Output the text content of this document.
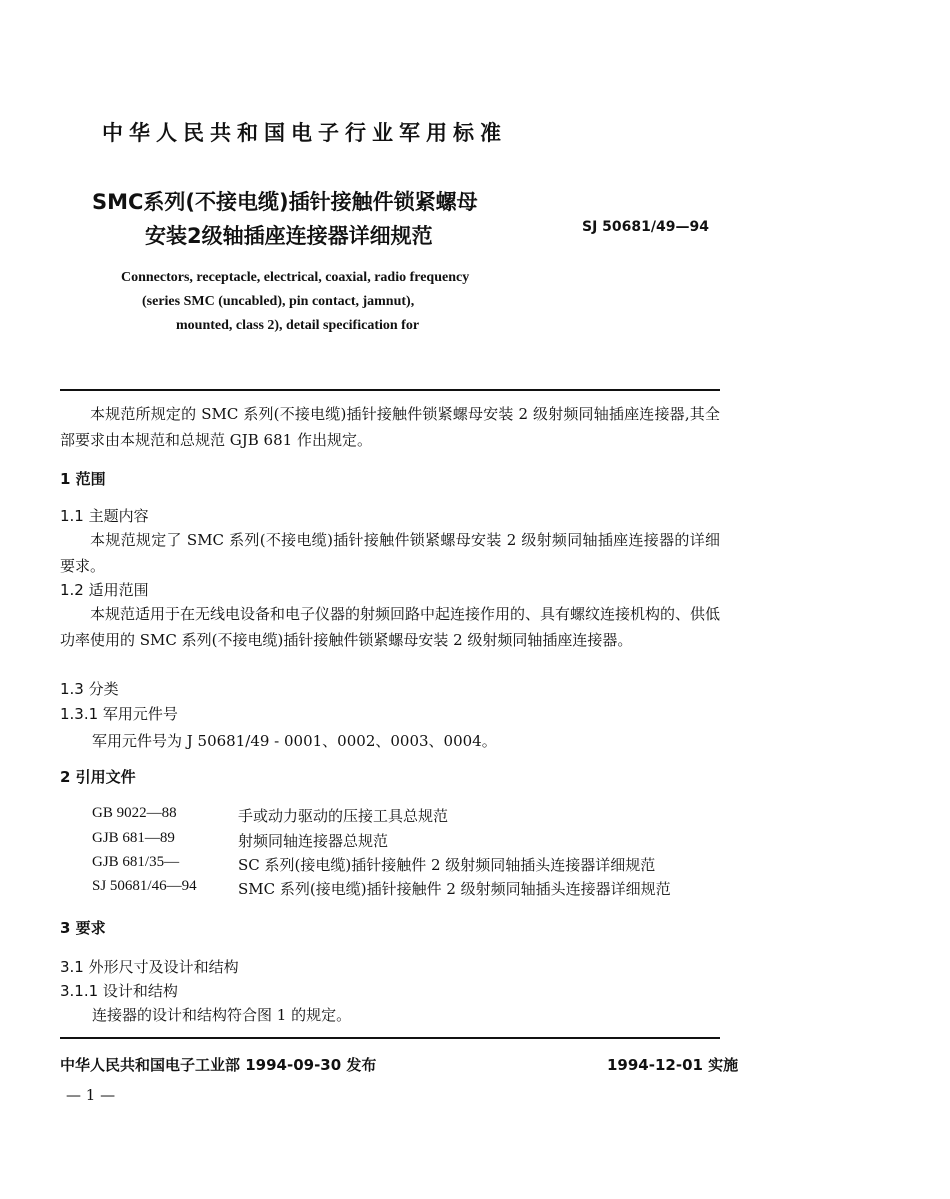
中华人民共和国电子行业军用标准
SMC系列(不接电缆)插针接触件锁紧螺母
安装2级轴插座连接器详细规范	SJ 50681/49—94
Connectors, receptacle, electrical, coaxial, radio frequency
(series SMC (uncabled), pin contact, jamnut),
mounted, class 2), detail specification for
本规范所规定的 SMC 系列(不接电缆)插针接触件锁紧螺母安装 2 级射频同轴插座连接器,其全部要求由本规范和总规范 GJB 681 作出规定。
1 范围
1.1 主题内容
本规范规定了 SMC 系列(不接电缆)插针接触件锁紧螺母安装 2 级射频同轴插座连接器的详细要求。
1.2 适用范围
本规范适用于在无线电设备和电子仪器的射频回路中起连接作用的、具有螺纹连接机构的、供低功率使用的 SMC 系列(不接电缆)插针接触件锁紧螺母安装 2 级射频同轴插座连接器。
1.3 分类
1.3.1 军用元件号
军用元件号为 J 50681/49 - 0001、0002、0003、0004。
2 引用文件
GB 9022—88	手或动力驱动的压接工具总规范
GJB 681—89	射频同轴连接器总规范
GJB 681/35—	SC 系列(接电缆)插针接触件 2 级射频同轴插头连接器详细规范
SJ 50681/46—94	SMC 系列(接电缆)插针接触件 2 级射频同轴插头连接器详细规范
3 要求
3.1 外形尺寸及设计和结构
3.1.1 设计和结构
连接器的设计和结构符合图 1 的规定。
中华人民共和国电子工业部 1994-09-30 发布	1994-12-01 实施
— 1 —
